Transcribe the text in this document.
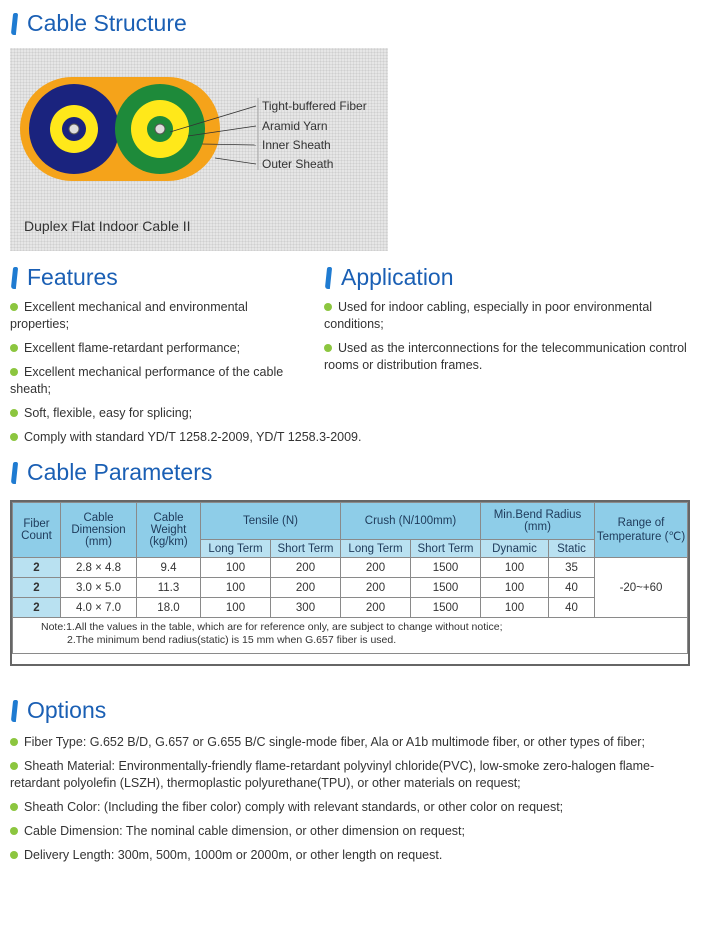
Cable Structure
Tight-buffered Fiber
Aramid Yarn
Inner Sheath
Outer Sheath
Duplex Flat Indoor Cable II
Features
Excellent mechanical and environmental properties;
Excellent flame-retardant performance;
Excellent mechanical performance of the cable sheath;
Soft, flexible, easy for splicing;
Comply with standard YD/T 1258.2-2009, YD/T 1258.3-2009.
Application
Used for indoor cabling, especially in poor environmental conditions;
Used as the interconnections for the telecommunication control rooms or distribution frames.
Cable Parameters
Fiber Count	Cable Dimension (mm)	Cable Weight (kg/km)	Tensile (N)		Crush (N/100mm)		Min.Bend Radius (mm)		Range of Temperature (℃)
			Long Term	Short Term	Long Term	Short Term	Dynamic	Static	
2	2.8 × 4.8	9.4	100	200	200	1500	100	35	-20~+60
2	3.0 × 5.0	11.3	100	200	200	1500	100	40	
2	4.0 × 7.0	18.0	100	300	200	1500	100	40	

Note:1.All the values in the table, which are for reference only, are subject to change without notice;
2.The minimum bend radius(static) is 15 mm when G.657 fiber is used.									
Options
Fiber Type: G.652 B/D, G.657 or G.655 B/C single-mode fiber, Ala or A1b multimode fiber, or other types of fiber;
Sheath Material: Environmentally-friendly flame-retardant polyvinyl chloride(PVC), low-smoke zero-halogen flame-retardant polyolefin (LSZH), thermoplastic polyurethane(TPU), or other materials on request;
Sheath Color: (Including the fiber color) comply with relevant standards, or other color on request;
Cable Dimension: The nominal cable dimension, or other dimension on request;
Delivery Length: 300m, 500m, 1000m or 2000m, or other length on request.
